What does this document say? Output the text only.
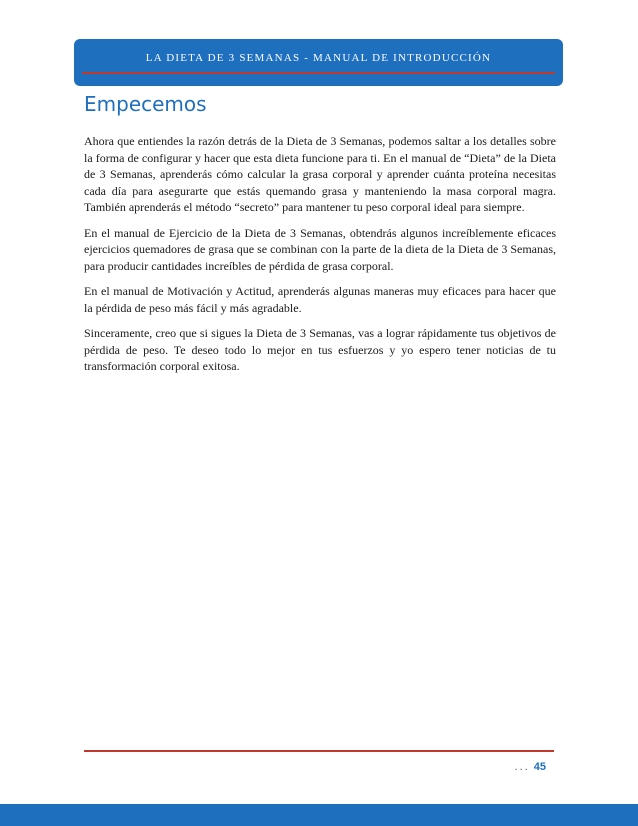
LA DIETA DE 3 SEMANAS - MANUAL DE INTRODUCCIÓN
Empecemos

Ahora que entiendes la razón detrás de la Dieta de 3 Semanas, podemos saltar a los detalles sobre la forma de configurar y hacer que esta dieta funcione para ti. En el manual de “Dieta” de la Dieta de 3 Semanas, aprenderás cómo calcular la grasa corporal y aprender cuánta proteína necesitas cada día para asegurarte que estás quemando grasa y manteniendo la masa corporal magra. También aprenderás el método “secreto” para mantener tu peso corporal ideal para siempre.

En el manual de Ejercicio de la Dieta de 3 Semanas, obtendrás algunos increíblemente eficaces ejercicios quemadores de grasa que se combinan con la parte de la dieta de la Dieta de 3 Semanas, para producir cantidades increíbles de pérdida de grasa corporal.

En el manual de Motivación y Actitud, aprenderás algunas maneras muy eficaces para hacer que la pérdida de peso más fácil y más agradable.

Sinceramente, creo que si sigues la Dieta de 3 Semanas, vas a lograr rápidamente tus objetivos de pérdida de peso. Te deseo todo lo mejor en tus esfuerzos y yo espero tener noticias de tu transformación corporal exitosa.

... 45
